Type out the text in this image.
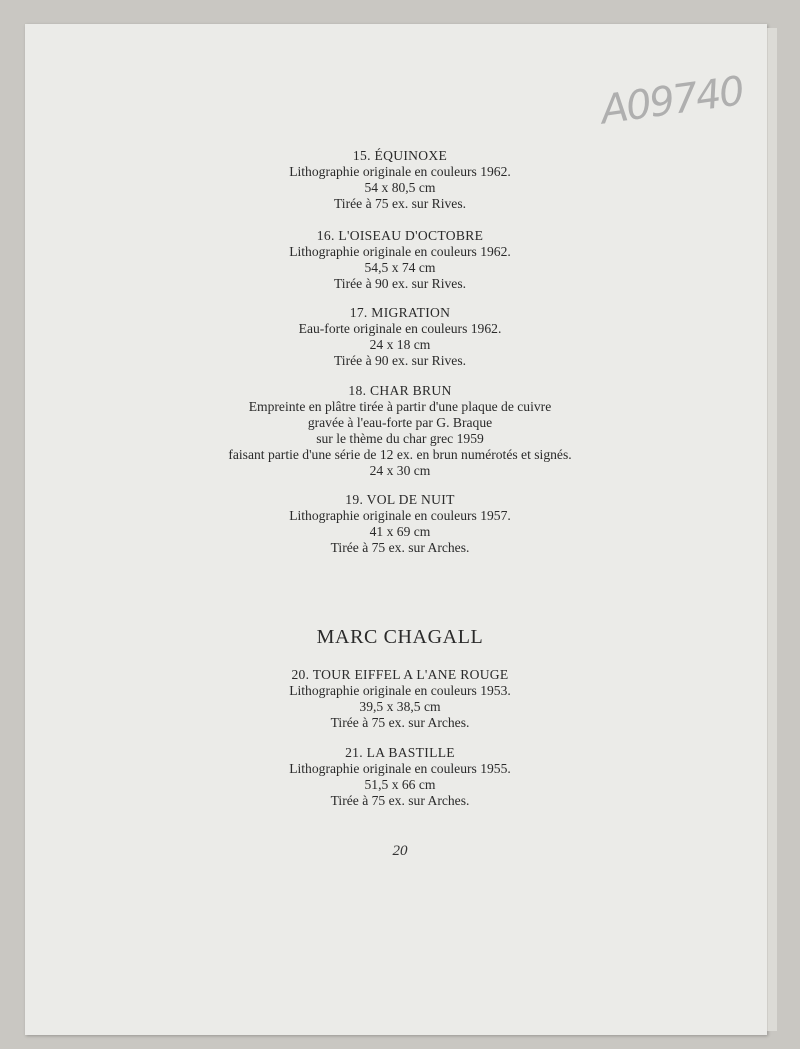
A09740
15. ÉQUINOXE
Lithographie originale en couleurs 1962.
54 x 80,5 cm
Tirée à 75 ex. sur Rives.
16. L'OISEAU D'OCTOBRE
Lithographie originale en couleurs 1962.
54,5 x 74 cm
Tirée à 90 ex. sur Rives.
17. MIGRATION
Eau-forte originale en couleurs 1962.
24 x 18 cm
Tirée à 90 ex. sur Rives.
18. CHAR BRUN
Empreinte en plâtre tirée à partir d'une plaque de cuivre
gravée à l'eau-forte par G. Braque
sur le thème du char grec 1959
faisant partie d'une série de 12 ex. en brun numérotés et signés.
24 x 30 cm
19. VOL DE NUIT
Lithographie originale en couleurs 1957.
41 x 69 cm
Tirée à 75 ex. sur Arches.
MARC CHAGALL
20. TOUR EIFFEL A L'ANE ROUGE
Lithographie originale en couleurs 1953.
39,5 x 38,5 cm
Tirée à 75 ex. sur Arches.
21. LA BASTILLE
Lithographie originale en couleurs 1955.
51,5 x 66 cm
Tirée à 75 ex. sur Arches.
20
